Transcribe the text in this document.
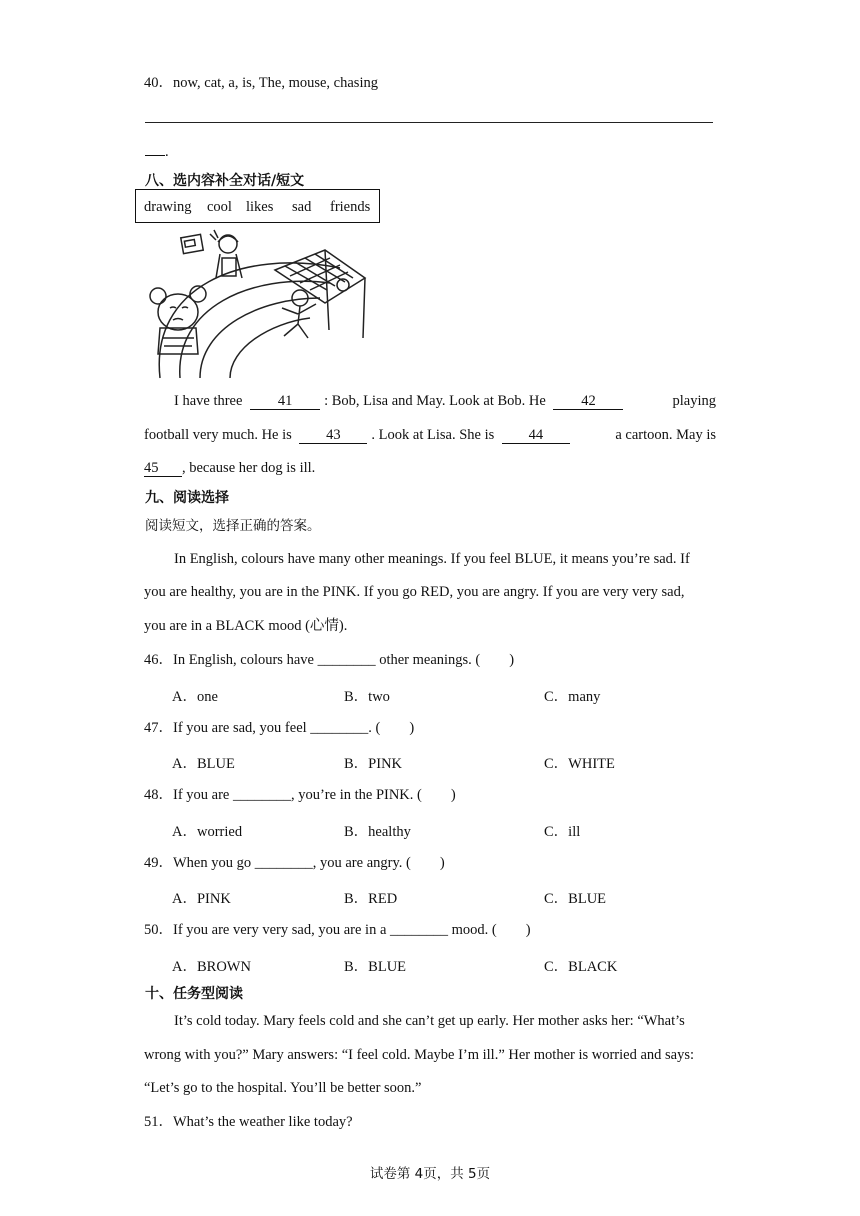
40．now, cat, a, is, The, mouse, chasing
.
八、选内容补全对话/短文
drawing cool likes sad friends
I have three 41 : Bob, Lisa and May. Look at Bob. He 42	playing
football very much. He is 43 . Look at Lisa. She is 44	a cartoon. May is
45 , because her dog is ill.
九、阅读选择
阅读短文，选择正确的答案。
In English, colours have many other meanings. If you feel BLUE, it means you’re sad. If
you are healthy, you are in the PINK. If you go RED, you are angry. If you are very very sad,
you are in a BLACK mood (心情).
46．In English, colours have ________ other meanings. (　　)
A．one	B．two	C．many
47．If you are sad, you feel ________. (　　)
A．BLUE	B．PINK	C．WHITE
48．If you are ________, you’re in the PINK. (　　)
A．worried	B．healthy	C．ill
49．When you go ________, you are angry. (　　)
A．PINK	B．RED	C．BLUE
50．If you are very very sad, you are in a ________ mood. (　　)
A．BROWN	B．BLUE	C．BLACK
十、任务型阅读
It’s cold today. Mary feels cold and she can’t get up early. Her mother asks her: “What’s
wrong with you?” Mary answers: “I feel cold. Maybe I’m ill.” Her mother is worried and says:
“Let’s go to the hospital. You’ll be better soon.”
51．What’s the weather like today?
试卷第 4页，共 5页
